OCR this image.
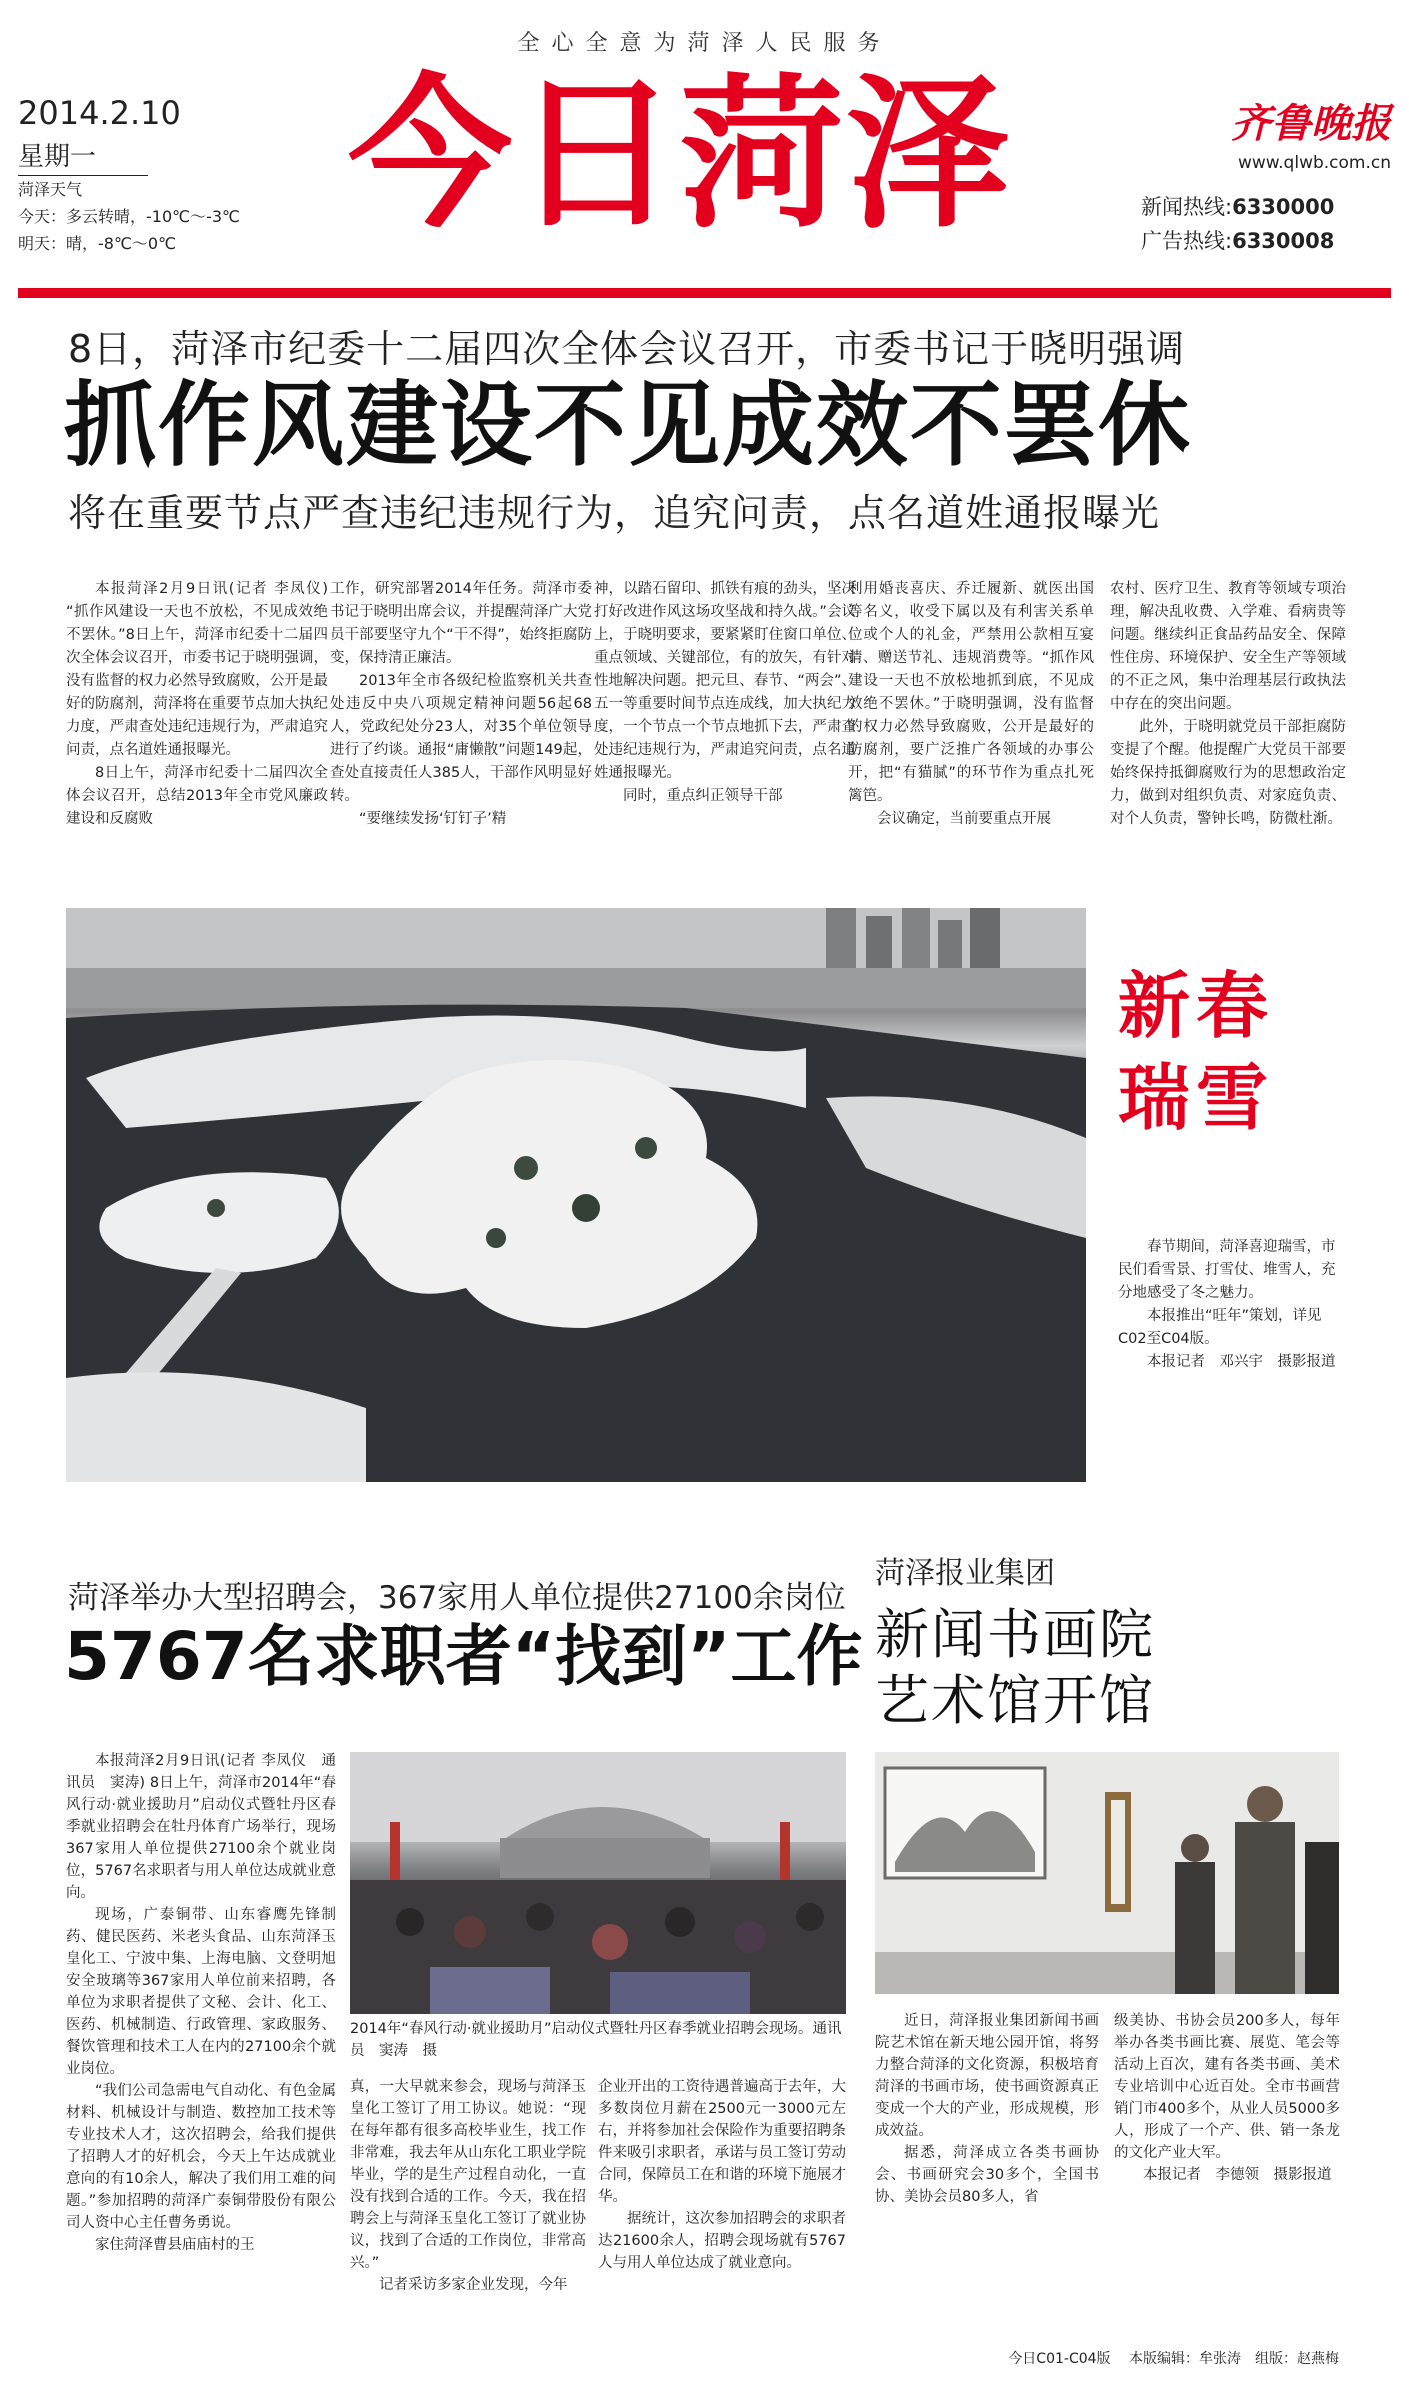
全心全意为菏泽人民服务
2014.2.10
星期一
菏泽天气
今天：多云转晴，-10℃～-3℃
明天：晴，-8℃～0℃	今日菏泽	齐鲁晚报
www.qlwb.com.cn
新闻热线:6330000
广告热线:6330008
8日，菏泽市纪委十二届四次全体会议召开，市委书记于晓明强调
抓作风建设不见成效不罢休
将在重要节点严查违纪违规行为，追究问责，点名道姓通报曝光

本报菏泽2月9日讯(记者 李凤仪) “抓作风建设一天也不放松，不见成效绝不罢休。”8日上午，菏泽市纪委十二届四次全体会议召开，市委书记于晓明强调，没有监督的权力必然导致腐败，公开是最好的防腐剂，菏泽将在重要节点加大执纪力度，严肃查处违纪违规行为，严肃追究问责，点名道姓通报曝光。

8日上午，菏泽市纪委十二届四次全体会议召开，总结2013年全市党风廉政建设和反腐败

工作，研究部署2014年任务。菏泽市委书记于晓明出席会议，并提醒菏泽广大党员干部要坚守九个“干不得”，始终拒腐防变，保持清正廉洁。

2013年全市各级纪检监察机关共查处违反中央八项规定精神问题56起68人，党政纪处分23人，对35个单位领导进行了约谈。通报“庸懒散”问题149起，查处直接责任人385人，干部作风明显好转。

“要继续发扬‘钉钉子’精

神，以踏石留印、抓铁有痕的劲头，坚决打好改进作风这场攻坚战和持久战。”会议上，于晓明要求，要紧紧盯住窗口单位、重点领域、关键部位，有的放矢，有针对性地解决问题。把元旦、春节、“两会”、五一等重要时间节点连成线，加大执纪力度，一个节点一个节点地抓下去，严肃查处违纪违规行为，严肃追究问责，点名道姓通报曝光。

同时，重点纠正领导干部

利用婚丧喜庆、乔迁履新、就医出国等名义，收受下属以及有利害关系单位或个人的礼金，严禁用公款相互宴请、赠送节礼、违规消费等。“抓作风建设一天也不放松地抓到底，不见成效绝不罢休。”于晓明强调，没有监督的权力必然导致腐败，公开是最好的防腐剂，要广泛推广各领域的办事公开，把“有猫腻”的环节作为重点扎死篱笆。

会议确定，当前要重点开展

农村、医疗卫生、教育等领域专项治理，解决乱收费、入学难、看病贵等问题。继续纠正食品药品安全、保障性住房、环境保护、安全生产等领域的不正之风，集中治理基层行政执法中存在的突出问题。

此外，于晓明就党员干部拒腐防变提了个醒。他提醒广大党员干部要始终保持抵御腐败行为的思想政治定力，做到对组织负责、对家庭负责、对个人负责，警钟长鸣，防微杜渐。

新春
瑞雪

春节期间，菏泽喜迎瑞雪，市民们看雪景、打雪仗、堆雪人，充分地感受了冬之魅力。

本报推出“旺年”策划，详见C02至C04版。

本报记者　邓兴宇　摄影报道

菏泽举办大型招聘会，367家用人单位提供27100余岗位
5767名求职者“找到”工作

本报菏泽2月9日讯(记者 李凤仪　通讯员　窦涛) 8日上午，菏泽市2014年“春风行动·就业援助月”启动仪式暨牡丹区春季就业招聘会在牡丹体育广场举行，现场367家用人单位提供27100余个就业岗位，5767名求职者与用人单位达成就业意向。

现场，广泰铜带、山东睿鹰先锋制药、健民医药、米老头食品、山东菏泽玉皇化工、宁波中集、上海电脑、文登明旭安全玻璃等367家用人单位前来招聘，各单位为求职者提供了文秘、会计、化工、医药、机械制造、行政管理、家政服务、餐饮管理和技术工人在内的27100余个就业岗位。

“我们公司急需电气自动化、有色金属材料、机械设计与制造、数控加工技术等专业技术人才，这次招聘会，给我们提供了招聘人才的好机会，今天上午达成就业意向的有10余人，解决了我们用工难的问题。”参加招聘的菏泽广泰铜带股份有限公司人资中心主任曹务勇说。

家住菏泽曹县庙庙村的王

2014年“春风行动·就业援助月”启动仪式暨牡丹区春季就业招聘会现场。通讯员　窦涛　摄

真，一大早就来参会，现场与菏泽玉皇化工签订了用工协议。她说：“现在每年都有很多高校毕业生，找工作非常难，我去年从山东化工职业学院毕业，学的是生产过程自动化，一直没有找到合适的工作。今天，我在招聘会上与菏泽玉皇化工签订了就业协议，找到了合适的工作岗位，非常高兴。”

记者采访多家企业发现，今年

企业开出的工资待遇普遍高于去年，大多数岗位月薪在2500元一3000元左右，并将参加社会保险作为重要招聘条件来吸引求职者，承诺与员工签订劳动合同，保障员工在和谐的环境下施展才华。

据统计，这次参加招聘会的求职者达21600余人，招聘会现场就有5767人与用人单位达成了就业意向。

菏泽报业集团
新闻书画院
艺术馆开馆

近日，菏泽报业集团新闻书画院艺术馆在新天地公园开馆，将努力整合菏泽的文化资源，积极培育菏泽的书画市场，使书画资源真正变成一个大的产业，形成规模，形成效益。

据悉，菏泽成立各类书画协会、书画研究会30多个，全国书协、美协会员80多人，省

级美协、书协会员200多人，每年举办各类书画比赛、展览、笔会等活动上百次，建有各类书画、美术专业培训中心近百处。全市书画营销门市400多个，从业人员5000多人，形成了一个产、供、销一条龙的文化产业大军。

本报记者　李德领　摄影报道

今日C01-C04版　 本版编辑：牟张涛　组版：赵燕梅
